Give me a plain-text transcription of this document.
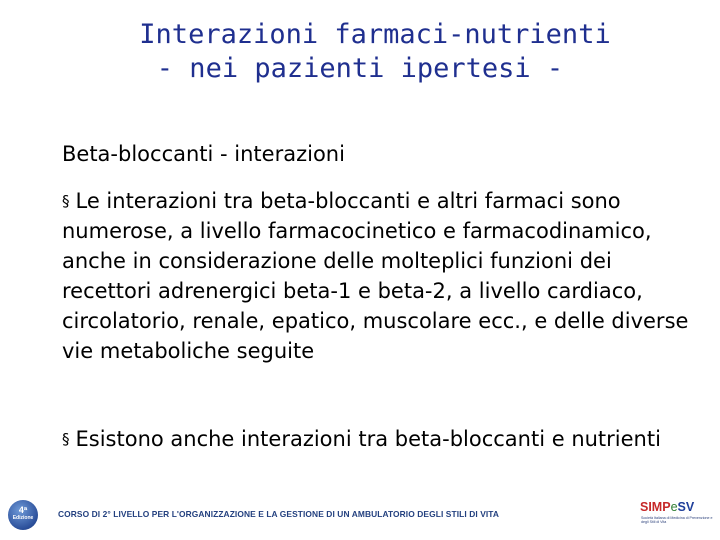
Interazioni farmaci-nutrienti
- nei pazienti ipertesi -
Beta-bloccanti - interazioni
§ Le interazioni tra beta-bloccanti e altri farmaci sono numerose, a livello farmacocinetico e farmacodinamico, anche in considerazione delle molteplici funzioni dei recettori adrenergici beta-1 e beta-2, a livello cardiaco, circolatorio, renale, epatico, muscolare ecc., e delle diverse vie metaboliche seguite
§ Esistono anche interazioni tra beta-bloccanti e nutrienti
4ª
Edizione	CORSO DI 2° LIVELLO PER L'ORGANIZZAZIONE E LA GESTIONE DI UN AMBULATORIO DEGLI STILI DI VITA	SIMPeSV
Società Italiana di Medicina di Prevenzione e degli Stili di Vita
